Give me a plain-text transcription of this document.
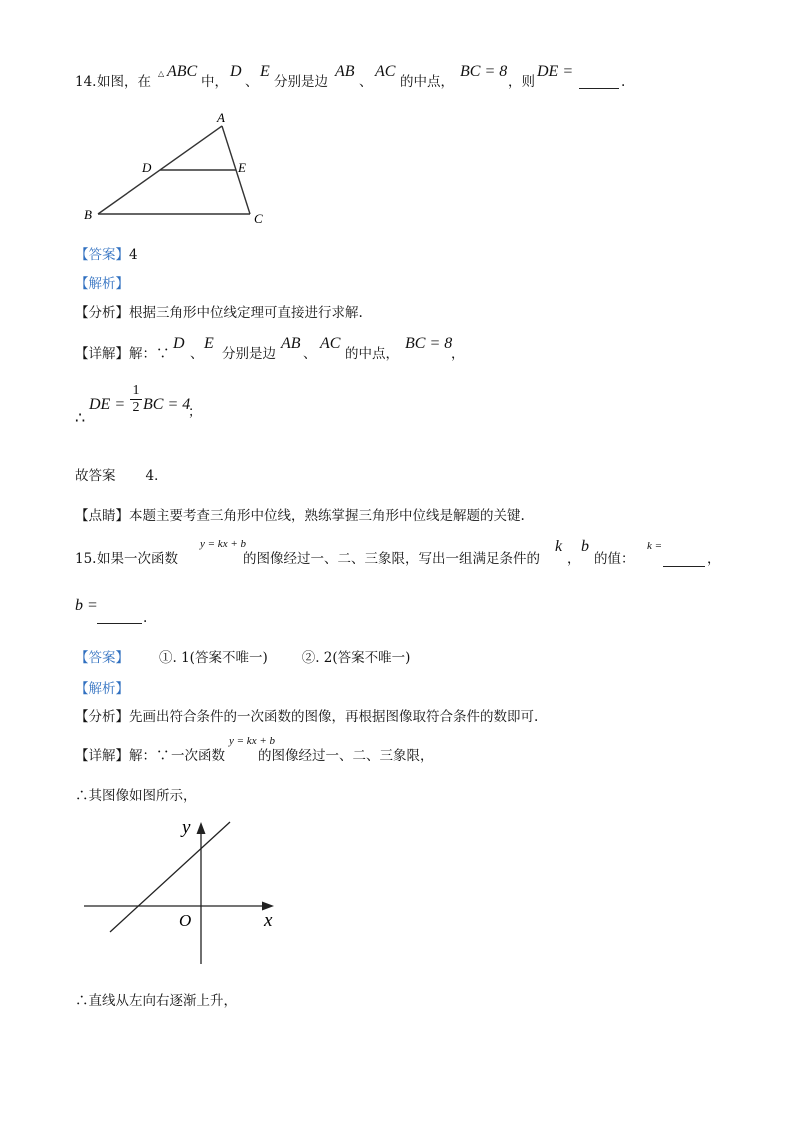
14. 如图，在
△ ABC
中，
D
、
E
分别是边
AB
、
AC
的中点，
BC = 8
，则
DE =
.
A
B	C
D	E
【答案】4
【解析】
【分析】根据三角形中位线定理可直接进行求解.
【详解】 解：∵
D
、
E
分别是边
AB
、
AC
的中点，
BC = 8
，
∴
DE =
1
2 BC = 4
；
故答案 4．
【点睛】本题主要考查三角形中位线，熟练掌握三角形中位线是解题的关键.
15. 如果一次函数
y = kx + b
的图像经过一、二、三象限，写出一组满足条件的
k
，
b
的值：
k =
，
b =
.
【答案】 ①. 1(答案不唯一)	②. 2(答案不唯一)
【解析】
【分析】先画出符合条件的一次函数的图像，再根据图像取符合条件的数即可.
【详解】 解：∵ 一次函数
y = kx + b
的图像经过一、二、三象限，
∴其图像如图所示，
y
x
O
∴直线从左向右逐渐上升，
